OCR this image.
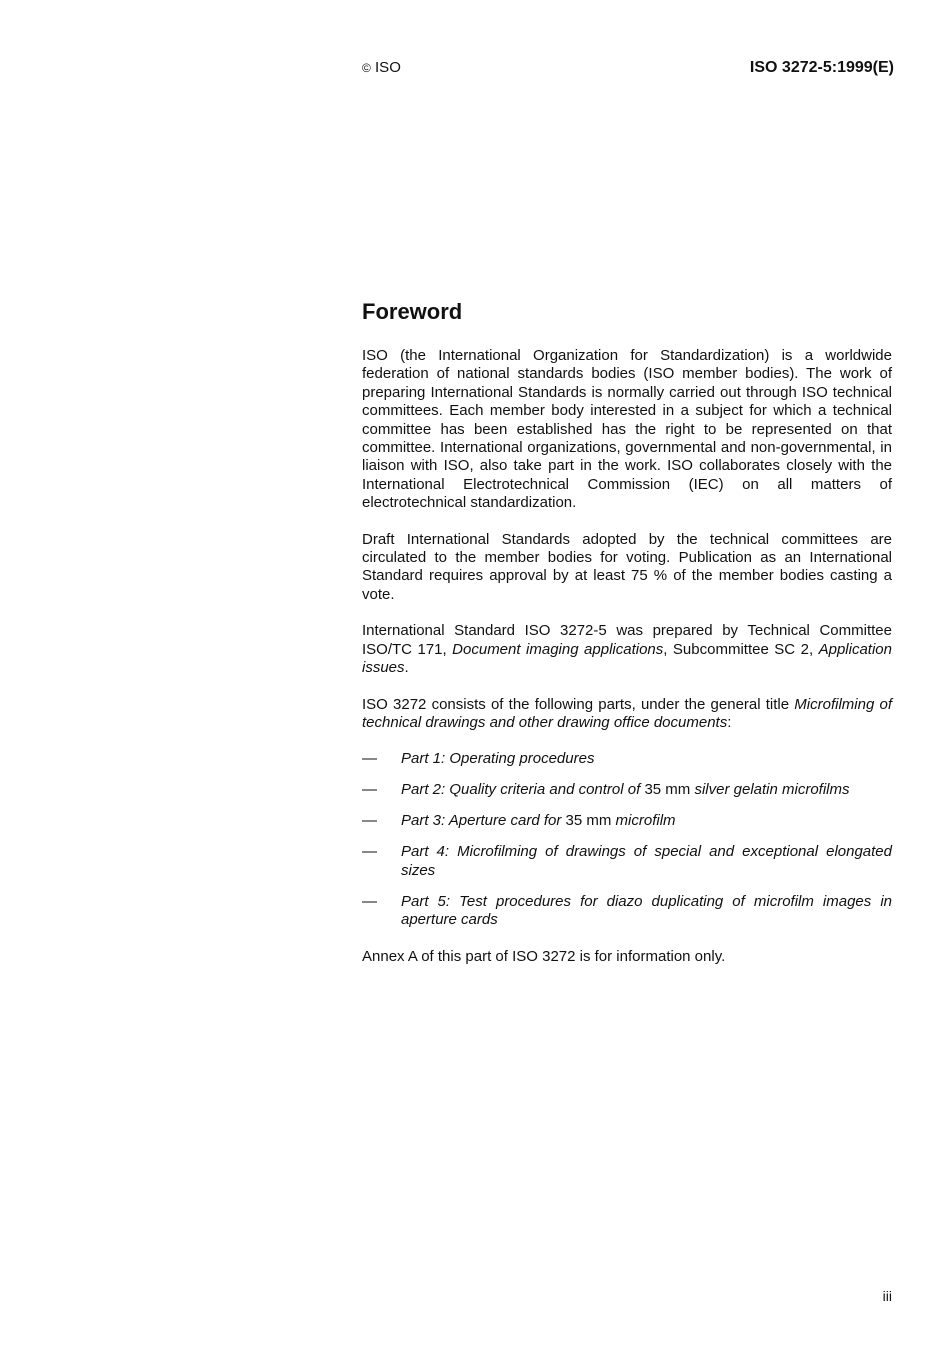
© ISO	ISO 3272-5:1999(E)
Foreword

ISO (the International Organization for Standardization) is a worldwide federation of national standards bodies (ISO member bodies). The work of preparing International Standards is normally carried out through ISO technical committees. Each member body interested in a subject for which a technical committee has been established has the right to be represented on that committee. International organizations, governmental and non-governmental, in liaison with ISO, also take part in the work. ISO collaborates closely with the International Electrotechnical Commission (IEC) on all matters of electrotechnical standardization.

Draft International Standards adopted by the technical committees are circulated to the member bodies for voting. Publication as an International Standard requires approval by at least 75 % of the member bodies casting a vote.

International Standard ISO 3272-5 was prepared by Technical Committee ISO/TC 171, Document imaging applications, Subcommittee SC 2, Application issues.

ISO 3272 consists of the following parts, under the general title Microfilming of technical drawings and other drawing office documents:

— Part 1: Operating procedures
— Part 2: Quality criteria and control of 35 mm silver gelatin microfilms
— Part 3: Aperture card for 35 mm microfilm
— Part 4: Microfilming of drawings of special and exceptional elongated sizes
— Part 5: Test procedures for diazo duplicating of microfilm images in aperture cards

Annex A of this part of ISO 3272 is for information only.

iii
